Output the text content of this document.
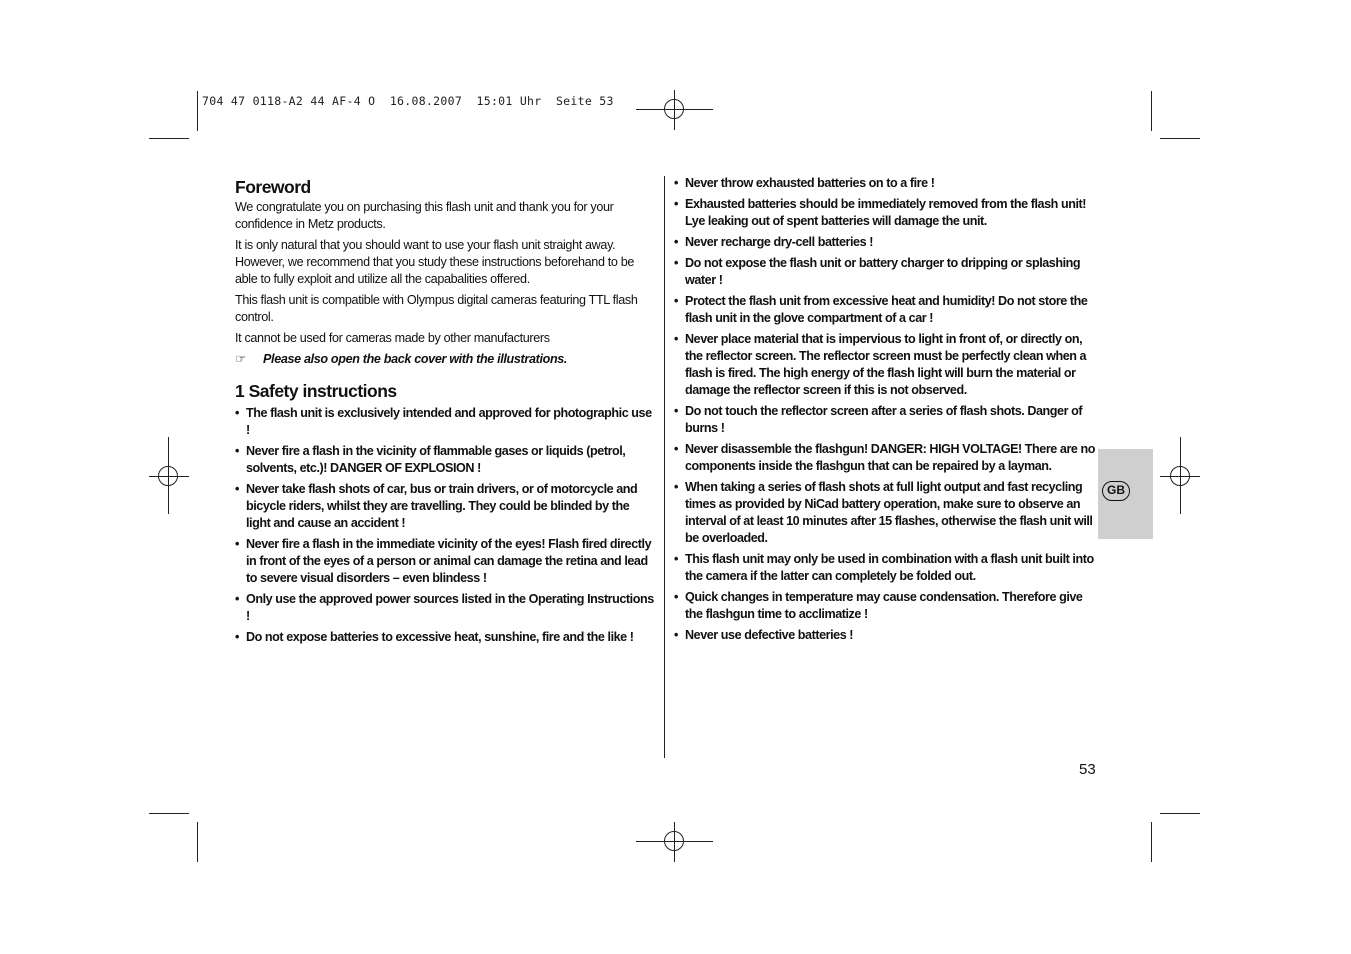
704 47 0118-A2 44 AF-4 O  16.08.2007  15:01 Uhr  Seite 53
Foreword

We congratulate you on purchasing this flash unit and thank you for your confidence in Metz products.

It is only natural that you should want to use your flash unit straight away. However, we recommend that you study these instructions beforehand to be able to fully exploit and utilize all the capabalities offered.

This flash unit is compatible with Olympus digital cameras featuring TTL flash control.

It cannot be used for cameras made by other manufacturers

☞ Please also open the back cover with the illustrations.

1 Safety instructions
• The flash unit is exclusively intended and approved for photographic use !
• Never fire a flash in the vicinity of flammable gases or liquids (petrol, solvents, etc.)! DANGER OF EXPLOSION !
• Never take flash shots of car, bus or train drivers, or of motorcycle and bicycle riders, whilst they are travelling. They could be blinded by the light and cause an accident !
• Never fire a flash in the immediate vicinity of the eyes! Flash fired directly in front of the eyes of a person or animal can damage the retina and lead to severe visual disorders – even blindess !
• Only use the approved power sources listed in the Operating Instructions !
• Do not expose batteries to excessive heat, sunshine, fire and the like !
• Never throw exhausted batteries on to a fire !
• Exhausted batteries should be immediately removed from the flash unit! Lye leaking out of spent batteries will damage the unit.
• Never recharge dry-cell batteries !
• Do not expose the flash unit or battery charger to dripping or splashing water !
• Protect the flash unit from excessive heat and humidity! Do not store the flash unit in the glove compartment of a car !
• Never place material that is impervious to light in front of, or directly on, the reflector screen. The reflector screen must be perfectly clean when a flash is fired. The high energy of the flash light will burn the material or damage the reflector screen if this is not observed.
• Do not touch the reflector screen after a series of flash shots. Danger of burns !
• Never disassemble the flashgun! DANGER: HIGH VOLTAGE! There are no components inside the flashgun that can be repaired by a layman.
• When taking a series of flash shots at full light output and fast recycling times as provided by NiCad battery operation, make sure to observe an interval of at least 10 minutes after 15 flashes, otherwise the flash unit will be overloaded.
• This flash unit may only be used in combination with a flash unit built into the camera if the latter can completely be folded out.
• Quick changes in temperature may cause condensation. Therefore give the flashgun time to acclimatize !
• Never use defective batteries !
GB
53
